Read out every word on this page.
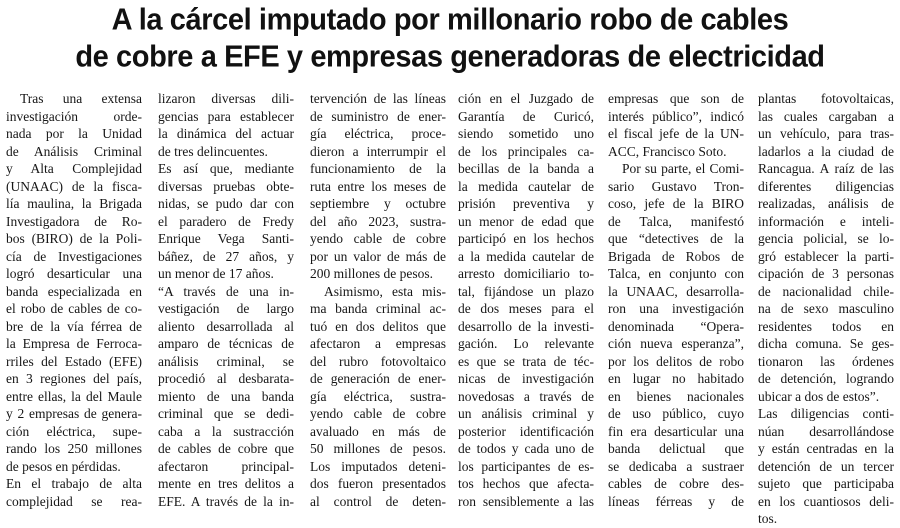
A la cárcel imputado por millonario robo de cables
de cobre a EFE y empresas generadoras de electricidad
Tras una extensa
investigación orde-
nada por la Unidad
de Análisis Criminal
y Alta Complejidad
(UNAAC) de la fisca-
lía maulina, la Brigada
Investigadora de Ro-
bos (BIRO) de la Poli-
cía de Investigaciones
logró desarticular una
banda especializada en
el robo de cables de co-
bre de la vía férrea de
la Empresa de Ferroca-
rriles del Estado (EFE)
en 3 regiones del país,
entre ellas, la del Maule
y 2 empresas de genera-
ción eléctrica, supe-
rando los 250 millones
de pesos en pérdidas.
En el trabajo de alta
complejidad se rea-
lizaron diversas dili-
gencias para establecer
la dinámica del actuar
de tres delincuentes.
Es así que, mediante
diversas pruebas obte-
nidas, se pudo dar con
el paradero de Fredy
Enrique Vega Santi-
báñez, de 27 años, y
un menor de 17 años.
“A través de una in-
vestigación de largo
aliento desarrollada al
amparo de técnicas de
análisis criminal, se
procedió al desbarata-
miento de una banda
criminal que se dedi-
caba a la sustracción
de cables de cobre que
afectaron principal-
mente en tres delitos a
EFE. A través de la in-
tervención de las líneas
de suministro de ener-
gía eléctrica, proce-
dieron a interrumpir el
funcionamiento de la
ruta entre los meses de
septiembre y octubre
del año 2023, sustra-
yendo cable de cobre
por un valor de más de
200 millones de pesos.
Asimismo, esta mis-
ma banda criminal ac-
tuó en dos delitos que
afectaron a empresas
del rubro fotovoltaico
de generación de ener-
gía eléctrica, sustra-
yendo cable de cobre
avaluado en más de
50 millones de pesos.
Los imputados deteni-
dos fueron presentados
al control de deten-
ción en el Juzgado de
Garantía de Curicó,
siendo sometido uno
de los principales ca-
becillas de la banda a
la medida cautelar de
prisión preventiva y
un menor de edad que
participó en los hechos
a la medida cautelar de
arresto domiciliario to-
tal, fijándose un plazo
de dos meses para el
desarrollo de la investi-
gación. Lo relevante
es que se trata de téc-
nicas de investigación
novedosas a través de
un análisis criminal y
posterior identificación
de todos y cada uno de
los participantes de es-
tos hechos que afecta-
ron sensiblemente a las
empresas que son de
interés público”, indicó
el fiscal jefe de la UN-
ACC, Francisco Soto.
Por su parte, el Comi-
sario Gustavo Tron-
coso, jefe de la BIRO
de Talca, manifestó
que “detectives de la
Brigada de Robos de
Talca, en conjunto con
la UNAAC, desarrolla-
ron una investigación
denominada “Opera-
ción nueva esperanza”,
por los delitos de robo
en lugar no habitado
en bienes nacionales
de uso público, cuyo
fin era desarticular una
banda delictual que
se dedicaba a sustraer
cables de cobre des-
líneas férreas y de
plantas fotovoltaicas,
las cuales cargaban a
un vehículo, para tras-
ladarlos a la ciudad de
Rancagua. A raíz de las
diferentes diligencias
realizadas, análisis de
información e inteli-
gencia policial, se lo-
gró establecer la parti-
cipación de 3 personas
de nacionalidad chile-
na de sexo masculino
residentes todos en
dicha comuna. Se ges-
tionaron las órdenes
de detención, logrando
ubicar a dos de estos”.
Las diligencias conti-
núan desarrollándose
y están centradas en la
detención de un tercer
sujeto que participaba
en los cuantiosos deli-
tos.
